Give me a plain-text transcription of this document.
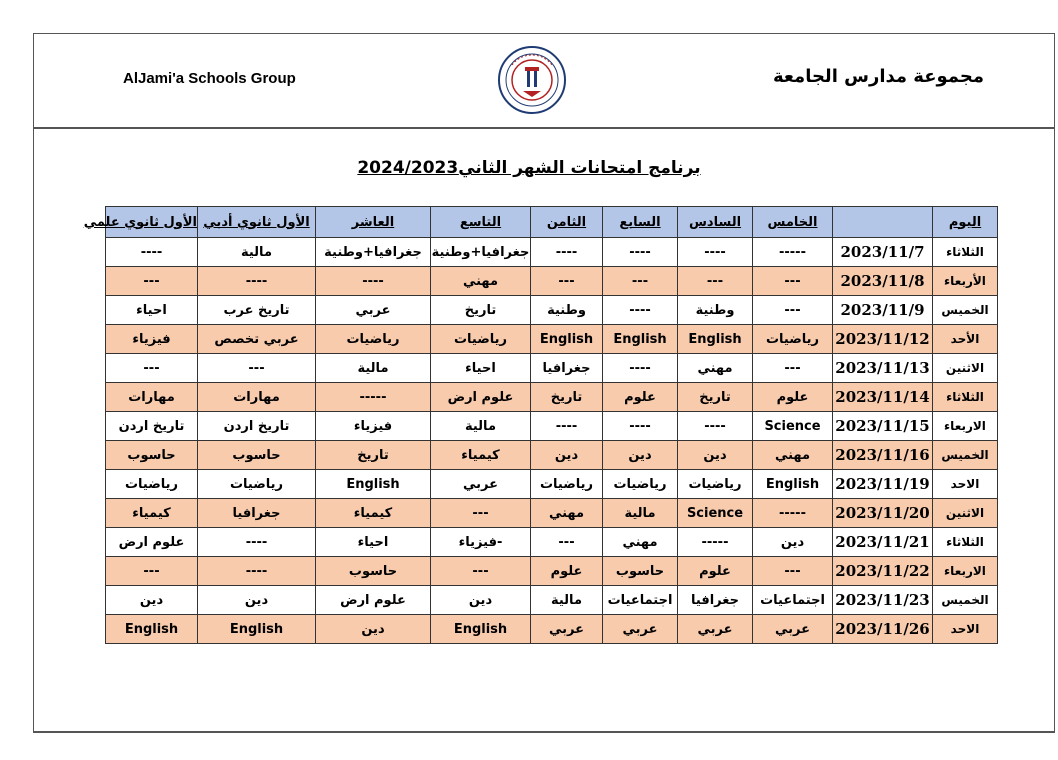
AlJami'a Schools Group	مجموعة مدارس الجامعة
برنامج امتحانات الشهر الثاني2024/2023
اليوم		الخامس	السادس	السابع	الثامن	التاسع	العاشر	الأول ثانوي أدبي	الأول ثانوي علمي
الثلاثاء	2023/11/7	-----	----	----	----	جغرافيا+وطنية	جغرافيا+وطنية	مالية	----
الأربعاء	2023/11/8	---	---	---	---	مهني	----	----	---
الخميس	2023/11/9	---	وطنية	----	وطنية	تاريخ	عربي	تاريخ عرب	احياء
الأحد	2023/11/12	رياضيات	English	English	English	رياضيات	رياضيات	عربي تخصص	فيزياء
الاثنين	2023/11/13	---	مهني	----	جغرافيا	احياء	مالية	---	---
الثلاثاء	2023/11/14	علوم	تاريخ	علوم	تاريخ	علوم ارض	-----	مهارات	مهارات
الاربعاء	2023/11/15	Science	----	----	----	مالية	فيزياء	تاريخ اردن	تاريخ اردن
الخميس	2023/11/16	مهني	دين	دين	دين	كيمياء	تاريخ	حاسوب	حاسوب
الاحد	2023/11/19	English	رياضيات	رياضيات	رياضيات	عربي	English	رياضيات	رياضيات
الاثنين	2023/11/20	-----	Science	مالية	مهني	---	كيمياء	جغرافيا	كيمياء
الثلاثاء	2023/11/21	دين	-----	مهني	---	-فيزياء	احياء	----	علوم ارض
الاربعاء	2023/11/22	---	علوم	حاسوب	علوم	---	حاسوب	----	---
الخميس	2023/11/23	اجتماعيات	جغرافيا	اجتماعيات	مالية	دين	علوم ارض	دين	دين
الاحد	2023/11/26	عربي	عربي	عربي	عربي	English	دين	English	English
